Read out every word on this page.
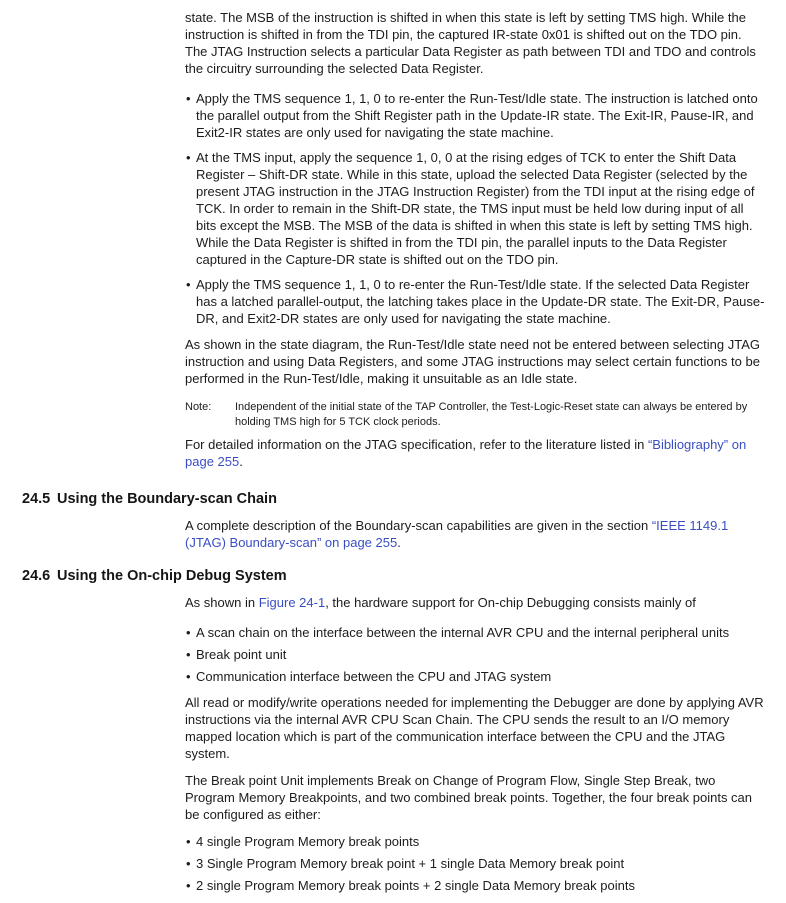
state. The MSB of the instruction is shifted in when this state is left by setting TMS high. While the instruction is shifted in from the TDI pin, the captured IR-state 0x01 is shifted out on the TDO pin. The JTAG Instruction selects a particular Data Register as path between TDI and TDO and controls the circuitry surrounding the selected Data Register.

• Apply the TMS sequence 1, 1, 0 to re-enter the Run-Test/Idle state. The instruction is latched onto the parallel output from the Shift Register path in the Update-IR state. The Exit-IR, Pause-IR, and Exit2-IR states are only used for navigating the state machine.
• At the TMS input, apply the sequence 1, 0, 0 at the rising edges of TCK to enter the Shift Data Register – Shift-DR state. While in this state, upload the selected Data Register (selected by the present JTAG instruction in the JTAG Instruction Register) from the TDI input at the rising edge of TCK. In order to remain in the Shift-DR state, the TMS input must be held low during input of all bits except the MSB. The MSB of the data is shifted in when this state is left by setting TMS high. While the Data Register is shifted in from the TDI pin, the parallel inputs to the Data Register captured in the Capture-DR state is shifted out on the TDO pin.
• Apply the TMS sequence 1, 1, 0 to re-enter the Run-Test/Idle state. If the selected Data Register has a latched parallel-output, the latching takes place in the Update-DR state. The Exit-DR, Pause-DR, and Exit2-DR states are only used for navigating the state machine.

As shown in the state diagram, the Run-Test/Idle state need not be entered between selecting JTAG instruction and using Data Registers, and some JTAG instructions may select certain functions to be performed in the Run-Test/Idle, making it unsuitable as an Idle state.

Note:	Independent of the initial state of the TAP Controller, the Test-Logic-Reset state can always be entered by holding TMS high for 5 TCK clock periods.

For detailed information on the JTAG specification, refer to the literature listed in “Bibliography” on page 255.

24.5 Using the Boundary-scan Chain

A complete description of the Boundary-scan capabilities are given in the section “IEEE 1149.1 (JTAG) Boundary-scan” on page 255.

24.6 Using the On-chip Debug System

As shown in Figure 24-1, the hardware support for On-chip Debugging consists mainly of

• A scan chain on the interface between the internal AVR CPU and the internal peripheral units
• Break point unit
• Communication interface between the CPU and JTAG system

All read or modify/write operations needed for implementing the Debugger are done by applying AVR instructions via the internal AVR CPU Scan Chain. The CPU sends the result to an I/O memory mapped location which is part of the communication interface between the CPU and the JTAG system.

The Break point Unit implements Break on Change of Program Flow, Single Step Break, two Program Memory Breakpoints, and two combined break points. Together, the four break points can be configured as either:

• 4 single Program Memory break points
• 3 Single Program Memory break point + 1 single Data Memory break point
• 2 single Program Memory break points + 2 single Data Memory break points
